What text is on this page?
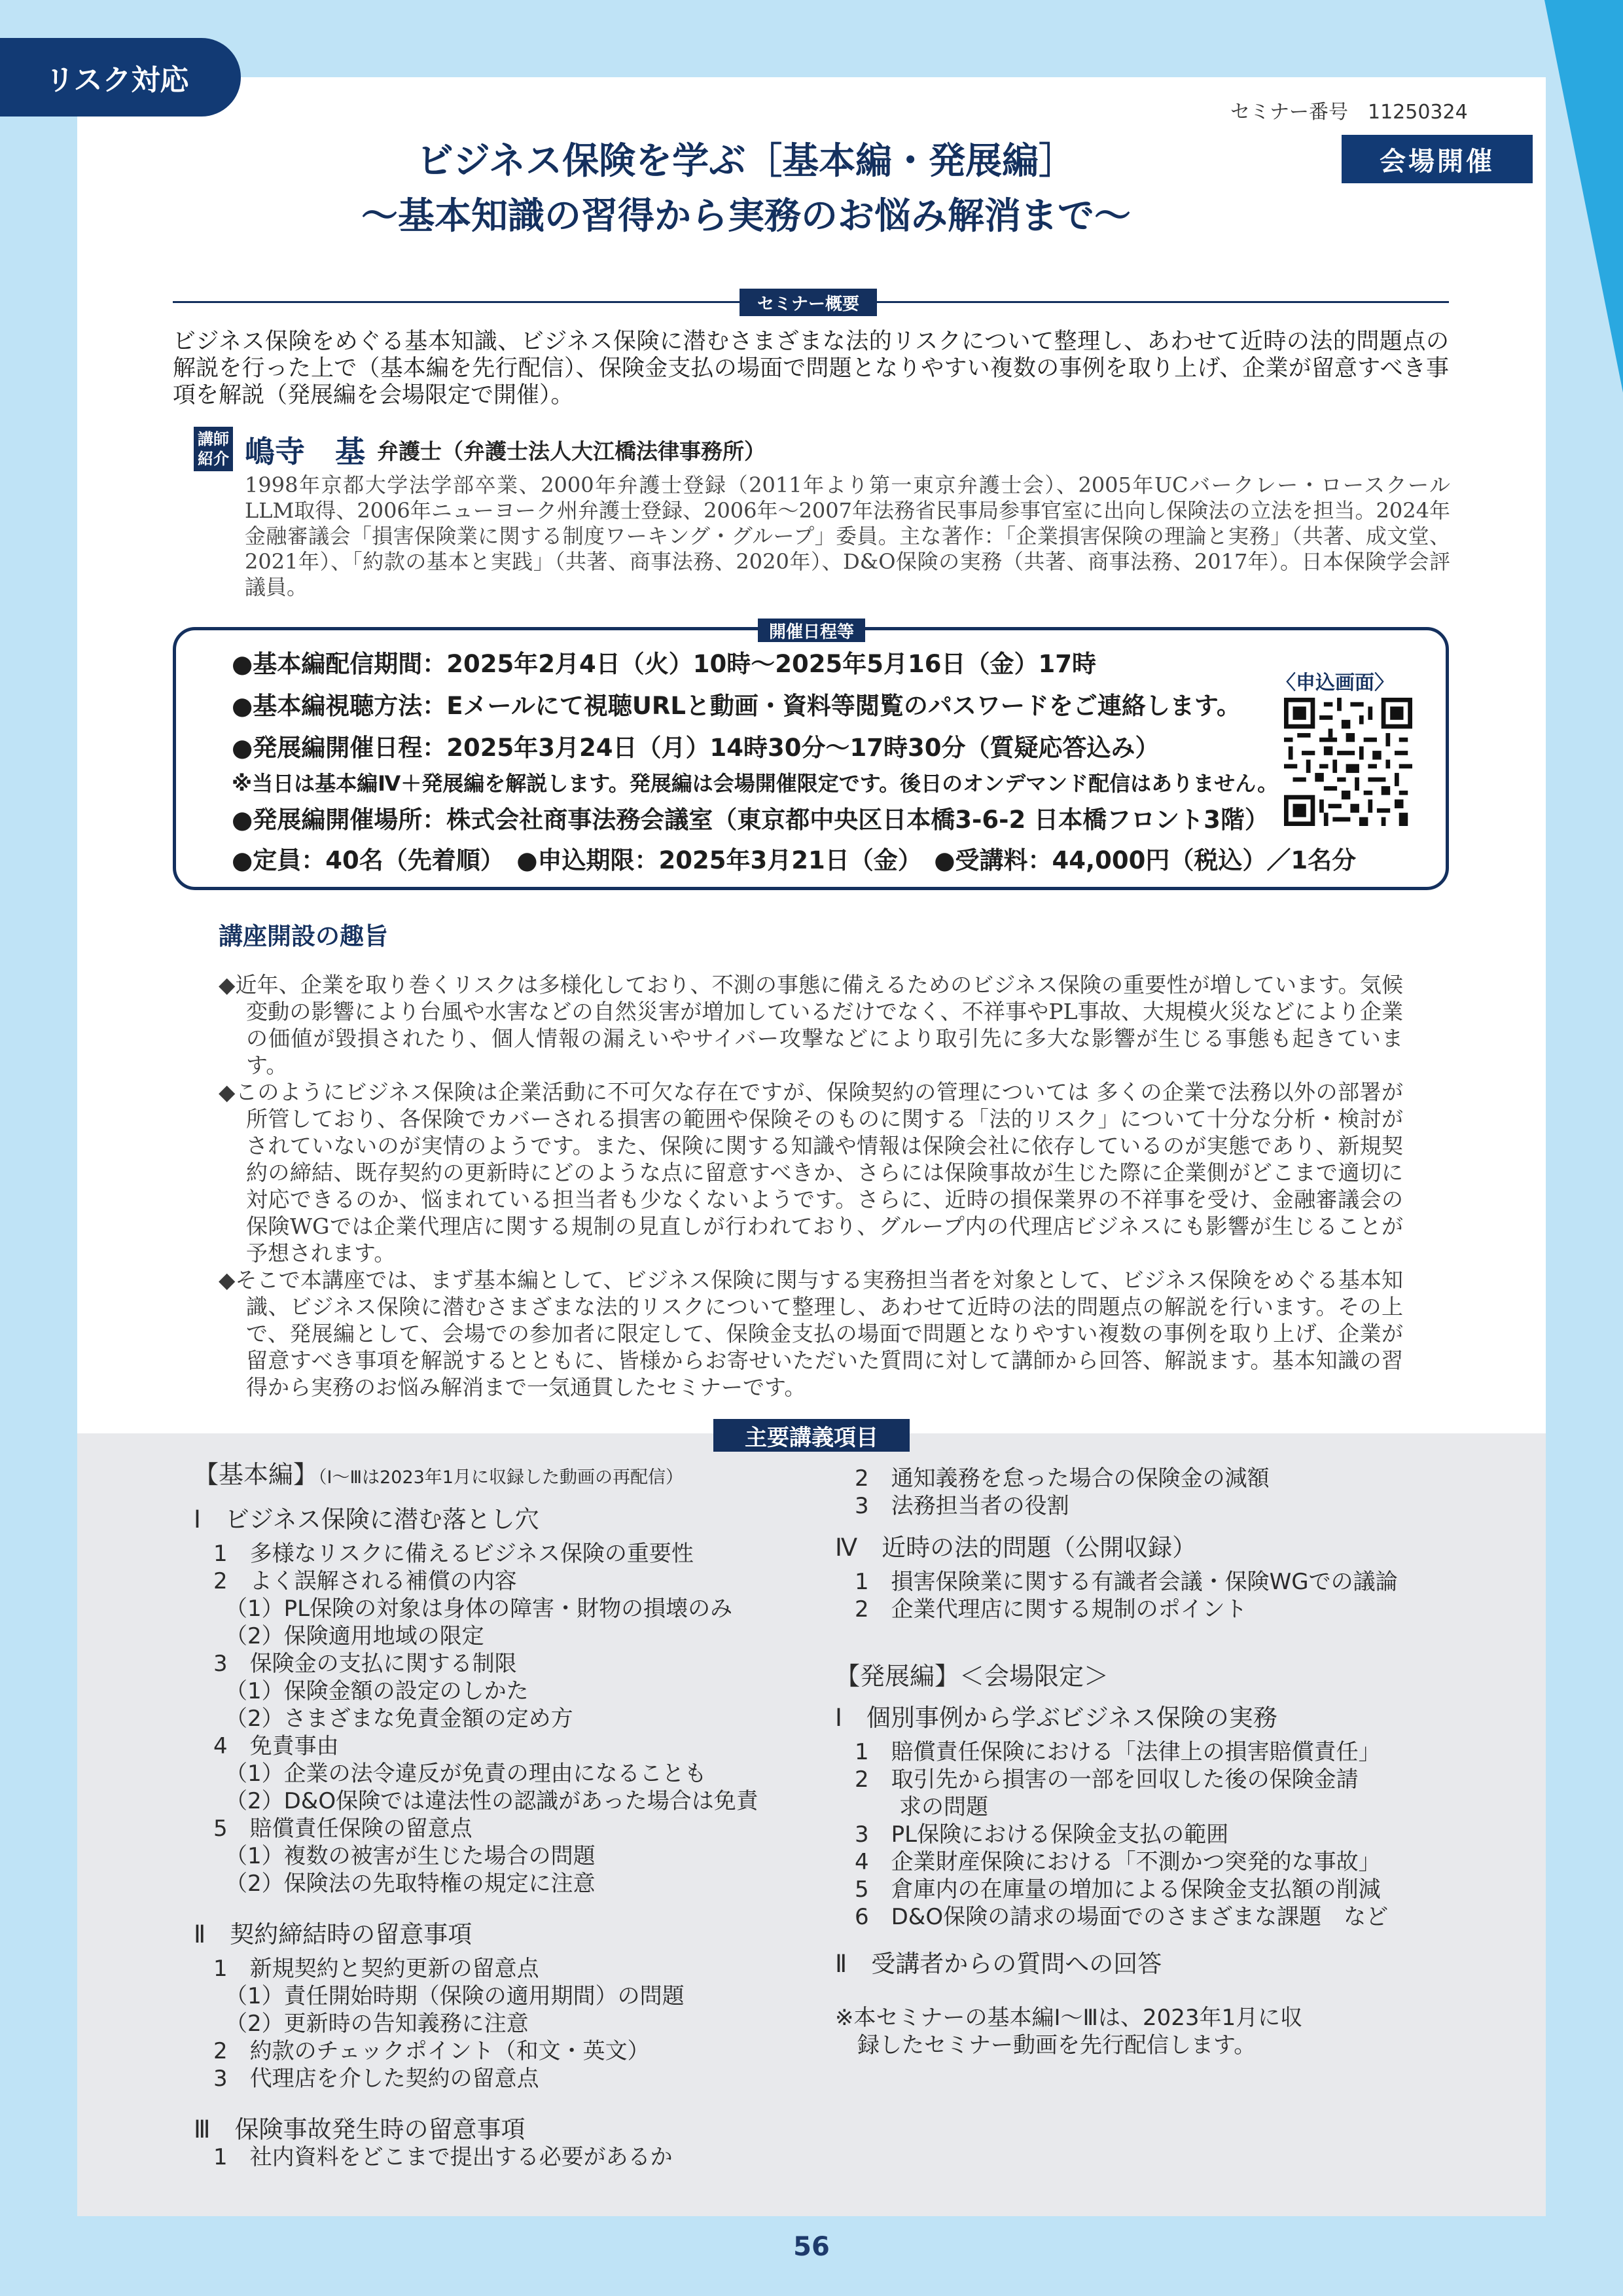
56
リスク対応
セミナー番号　11250324
会場開催
ビジネス保険を学ぶ［基本編・発展編］
〜基本知識の習得から実務のお悩み解消まで〜
セミナー概要
ビジネス保険をめぐる基本知識、ビジネス保険に潜むさまざまな法的リスクについて整理し、あわせて近時の法的問題点の解説を行った上で（基本編を先行配信）、保険金支払の場面で問題となりやすい複数の事例を取り上げ、企業が留意すべき事項を解説（発展編を会場限定で開催）。
講師紹介 嶋寺　基 弁護士（弁護士法人大江橋法律事務所）
1998年京都大学法学部卒業、2000年弁護士登録（2011年より第一東京弁護士会）、2005年UCバークレー・ロースクールLLM取得、2006年ニューヨーク州弁護士登録、2006年〜2007年法務省民事局参事官室に出向し保険法の立法を担当。2024年金融審議会「損害保険業に関する制度ワーキング・グループ」委員。主な著作：「企業損害保険の理論と実務」（共著、成文堂、2021年）、「約款の基本と実践」（共著、商事法務、2020年）、D&O保険の実務（共著、商事法務、2017年）。日本保険学会評議員。
開催日程等
●基本編配信期間：2025年2月4日（火）10時〜2025年5月16日（金）17時
●基本編視聴方法：Eメールにて視聴URLと動画・資料等閲覧のパスワードをご連絡します。
●発展編開催日程：2025年3月24日（月）14時30分〜17時30分（質疑応答込み）
※当日は基本編Ⅳ＋発展編を解説します。発展編は会場開催限定です。後日のオンデマンド配信はありません。
●発展編開催場所：株式会社商事法務会議室（東京都中央区日本橋3-6-2 日本橋フロント3階）
●定員：40名（先着順）　●申込期限：2025年3月21日（金）　●受講料：44,000円（税込）／1名分
〈申込画面〉
講座開設の趣旨
◆近年、企業を取り巻くリスクは多様化しており、不測の事態に備えるためのビジネス保険の重要性が増しています。気候変動の影響により台風や水害などの自然災害が増加しているだけでなく、不祥事やPL事故、大規模火災などにより企業の価値が毀損されたり、個人情報の漏えいやサイバー攻撃などにより取引先に多大な影響が生じる事態も起きています。
◆このようにビジネス保険は企業活動に不可欠な存在ですが、保険契約の管理については 多くの企業で法務以外の部署が所管しており、各保険でカバーされる損害の範囲や保険そのものに関する「法的リスク」について十分な分析・検討がされていないのが実情のようです。また、保険に関する知識や情報は保険会社に依存しているのが実態であり、新規契約の締結、既存契約の更新時にどのような点に留意すべきか、さらには保険事故が生じた際に企業側がどこまで適切に対応できるのか、悩まれている担当者も少なくないようです。さらに、近時の損保業界の不祥事を受け、金融審議会の保険WGでは企業代理店に関する規制の見直しが行われており、グループ内の代理店ビジネスにも影響が生じることが予想されます。
◆そこで本講座では、まず基本編として、ビジネス保険に関与する実務担当者を対象として、ビジネス保険をめぐる基本知識、ビジネス保険に潜むさまざまな法的リスクについて整理し、あわせて近時の法的問題点の解説を行います。その上で、発展編として、会場での参加者に限定して、保険金支払の場面で問題となりやすい複数の事例を取り上げ、企業が留意すべき事項を解説するとともに、皆様からお寄せいただいた質問に対して講師から回答、解説ます。基本知識の習得から実務のお悩み解消まで一気通貫したセミナーです。
主要講義項目
【基本編】（Ⅰ〜Ⅲは2023年1月に収録した動画の再配信）
Ⅰ　ビジネス保険に潜む落とし穴
1　多様なリスクに備えるビジネス保険の重要性
2　よく誤解される補償の内容
（1）PL保険の対象は身体の障害・財物の損壊のみ
（2）保険適用地域の限定
3　保険金の支払に関する制限
（1）保険金額の設定のしかた
（2）さまざまな免責金額の定め方
4　免責事由
（1）企業の法令違反が免責の理由になることも
（2）D&O保険では違法性の認識があった場合は免責
5　賠償責任保険の留意点
（1）複数の被害が生じた場合の問題
（2）保険法の先取特権の規定に注意
Ⅱ　契約締結時の留意事項
1　新規契約と契約更新の留意点
（1）責任開始時期（保険の適用期間）の問題
（2）更新時の告知義務に注意
2　約款のチェックポイント（和文・英文）
3　代理店を介した契約の留意点
Ⅲ　保険事故発生時の留意事項
1　社内資料をどこまで提出する必要があるか
2　通知義務を怠った場合の保険金の減額
3　法務担当者の役割
Ⅳ　近時の法的問題（公開収録）
1　損害保険業に関する有識者会議・保険WGでの議論
2　企業代理店に関する規制のポイント
【発展編】＜会場限定＞
Ⅰ　個別事例から学ぶビジネス保険の実務
1　賠償責任保険における「法律上の損害賠償責任」
2　取引先から損害の一部を回収した後の保険金請
　　求の問題
3　PL保険における保険金支払の範囲
4　企業財産保険における「不測かつ突発的な事故」
5　倉庫内の在庫量の増加による保険金支払額の削減
6　D&O保険の請求の場面でのさまざまな課題　など
Ⅱ　受講者からの質問への回答
※本セミナーの基本編Ⅰ〜Ⅲは、2023年1月に収
　録したセミナー動画を先行配信します。
